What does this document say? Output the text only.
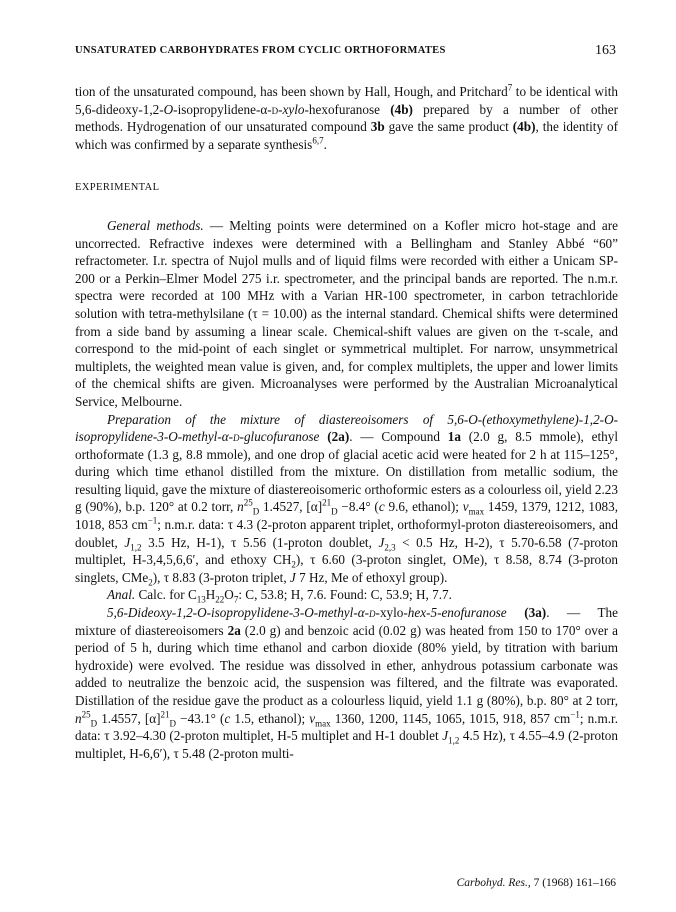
UNSATURATED CARBOHYDRATES FROM CYCLIC ORTHOFORMATES	163

tion of the unsaturated compound, has been shown by Hall, Hough, and Pritchard$^7$ to be identical with 5,6-dideoxy-1,2-O-isopropylidene-α-d-xylo-hexofuranose (4b) prepared by a number of other methods. Hydrogenation of our unsaturated compound 3b gave the same product (4b), the identity of which was confirmed by a separate synthesis$^{6,7}$.

EXPERIMENTAL

General methods. — Melting points were determined on a Kofler micro hot-stage and are uncorrected. Refractive indexes were determined with a Bellingham and Stanley Abbé “60” refractometer. I.r. spectra of Nujol mulls and of liquid films were recorded with either a Unicam SP-200 or a Perkin–Elmer Model 275 i.r. spectrometer, and the principal bands are reported. The n.m.r. spectra were recorded at 100 MHz with a Varian HR-100 spectrometer, in carbon tetrachloride solution with tetra-methylsilane (τ = 10.00) as the internal standard. Chemical shifts were determined from a side band by assuming a linear scale. Chemical-shift values are given on the τ-scale, and correspond to the mid-point of each singlet or symmetrical multiplet. For narrow, unsymmetrical multiplets, the weighted mean value is given, and, for complex multiplets, the upper and lower limits of the chemical shifts are given. Microanalyses were performed by the Australian Microanalytical Service, Melbourne.

Preparation of the mixture of diastereoisomers of 5,6-O-(ethoxymethylene)-1,2-O-isopropylidene-3-O-methyl-α-d-glucofuranose (2a). — Compound 1a (2.0 g, 8.5 mmole), ethyl orthoformate (1.3 g, 8.8 mmole), and one drop of glacial acetic acid were heated for 2 h at 115–125°, during which time ethanol distilled from the mixture. On distillation from metallic sodium, the resulting liquid, gave the mixture of diastereoisomeric orthoformic esters as a colourless oil, yield 2.23 g (90%), b.p. 120° at 0.2 torr, $n^{25}_D$ 1.4527, $[\alpha]^{21}_D -8.4^\circ$ (c 9.6, ethanol); $\nu_{max}$ 1459, 1379, 1212, 1083, 1018, 853 $cm^{-1}$; n.m.r. data: τ 4.3 (2-proton apparent triplet, orthoformyl-proton diastereoisomers, and doublet, $J_{1,2}$ 3.5 Hz, H-1), τ 5.56 (1-proton doublet, $J_{2,3} < 0.5$ Hz, H-2), τ 5.70-6.58 (7-proton multiplet, H-3,4,5,6,6′, and ethoxy $CH_2$), τ 6.60 (3-proton singlet, OMe), τ 8.58, 8.74 (3-proton singlets, CMe$_2$), τ 8.83 (3-proton triplet, J 7 Hz, Me of ethoxyl group).

Anal. Calc. for $C_{13}H_{22}O_7$: C, 53.8; H, 7.6. Found: C, 53.9; H, 7.7.

5,6-Dideoxy-1,2-O-isopropylidene-3-O-methyl-α-d-xylo-hex-5-enofuranose (3a). — The mixture of diastereoisomers 2a (2.0 g) and benzoic acid (0.02 g) was heated from 150 to 170° over a period of 5 h, during which time ethanol and carbon dioxide (80% yield, by titration with barium hydroxide) were evolved. The residue was dissolved in ether, anhydrous potassium carbonate was added to neutralize the benzoic acid, the suspension was filtered, and the filtrate was evaporated. Distillation of the residue gave the product as a colourless liquid, yield 1.1 g (80%), b.p. 80° at 2 torr, $n^{25}_D$ 1.4557, $[\alpha]^{21}_D -43.1^\circ$ (c 1.5, ethanol); $\nu_{max}$ 1360, 1200, 1145, 1065, 1015, 918, 857 $cm^{-1}$; n.m.r. data: τ 3.92–4.30 (2-proton multiplet, H-5 multiplet and H-1 doublet $J_{1,2}$ 4.5 Hz), τ 4.55–4.9 (2-proton multiplet, H-6,6′), τ 5.48 (2-proton multi-

Carbohyd. Res., 7 (1968) 161–166
